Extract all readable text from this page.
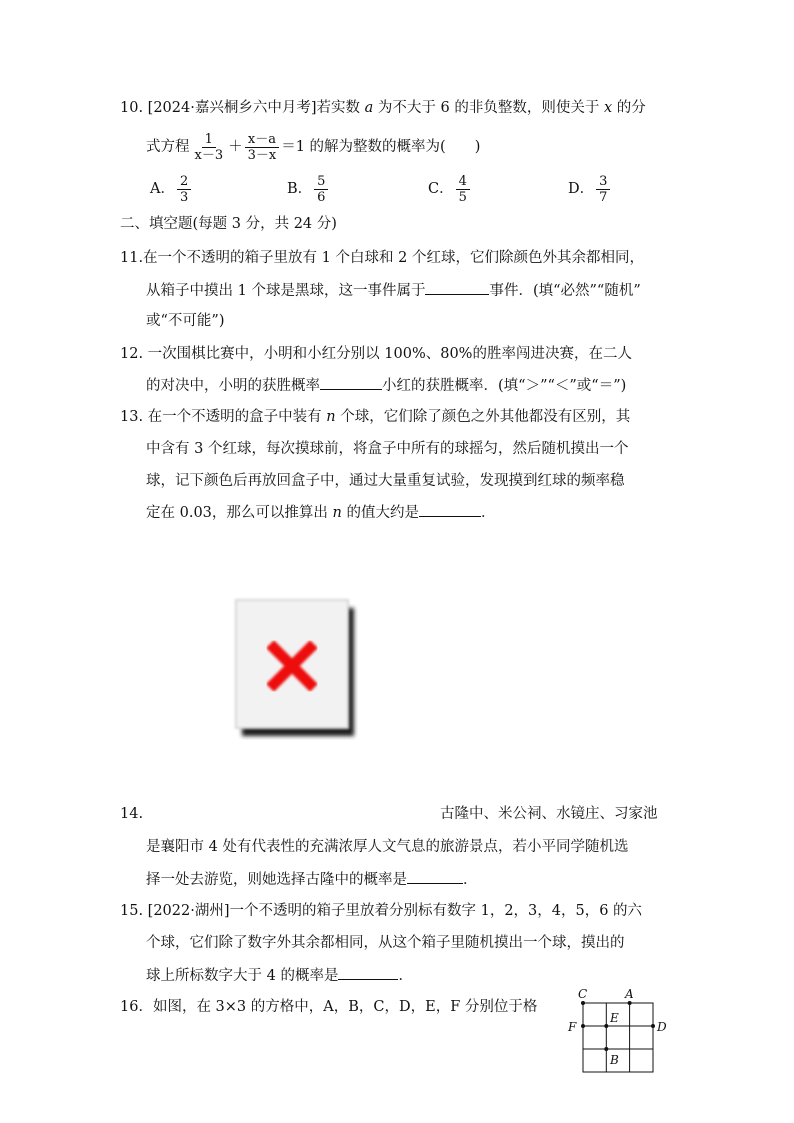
10. [2024·嘉兴桐乡六中月考]若实数 a 为不大于 6 的非负整数，则使关于 x 的分
式方程 $\frac{1}{x-3} + \frac{x-a}{3-x} =1$ 的解为整数的概率为(　　)
A． $\frac{2}{3}$	B． $\frac{5}{6}$	C． $\frac{4}{5}$	D． $\frac{3}{7}$
二、填空题(每题 3 分，共 24 分)
11.在一个不透明的箱子里放有 1 个白球和 2 个红球，它们除颜色外其余都相同，
从箱子中摸出 1 个球是黑球，这一事件属于	事件．(填“必然”“随机”
或“不可能”)
12. 一次围棋比赛中，小明和小红分别以 100%、80%的胜率闯进决赛，在二人
的对决中，小明的获胜概率	小红的获胜概率．(填“＞”“＜”或“＝”)
13. 在一个不透明的盒子中装有 n 个球，它们除了颜色之外其他都没有区别，其
中含有 3 个红球，每次摸球前，将盒子中所有的球摇匀，然后随机摸出一个
球，记下颜色后再放回盒子中，通过大量重复试验，发现摸到红球的频率稳
定在 0.03，那么可以推算出 n 的值大约是	．
14.	古隆中、米公祠、水镜庄、习家池
是襄阳市 4 处有代表性的充满浓厚人文气息的旅游景点，若小平同学随机选
择一处去游览，则她选择古隆中的概率是	．
15. [2022·湖州]一个不透明的箱子里放着分别标有数字 1，2，3，4，5，6 的六
个球，它们除了数字外其余都相同，从这个箱子里随机摸出一个球，摸出的
球上所标数字大于 4 的概率是	．
16．如图，在 3×3 的方格中，A，B，C，D，E，F 分别位于格
C	A
F
E
D
B
